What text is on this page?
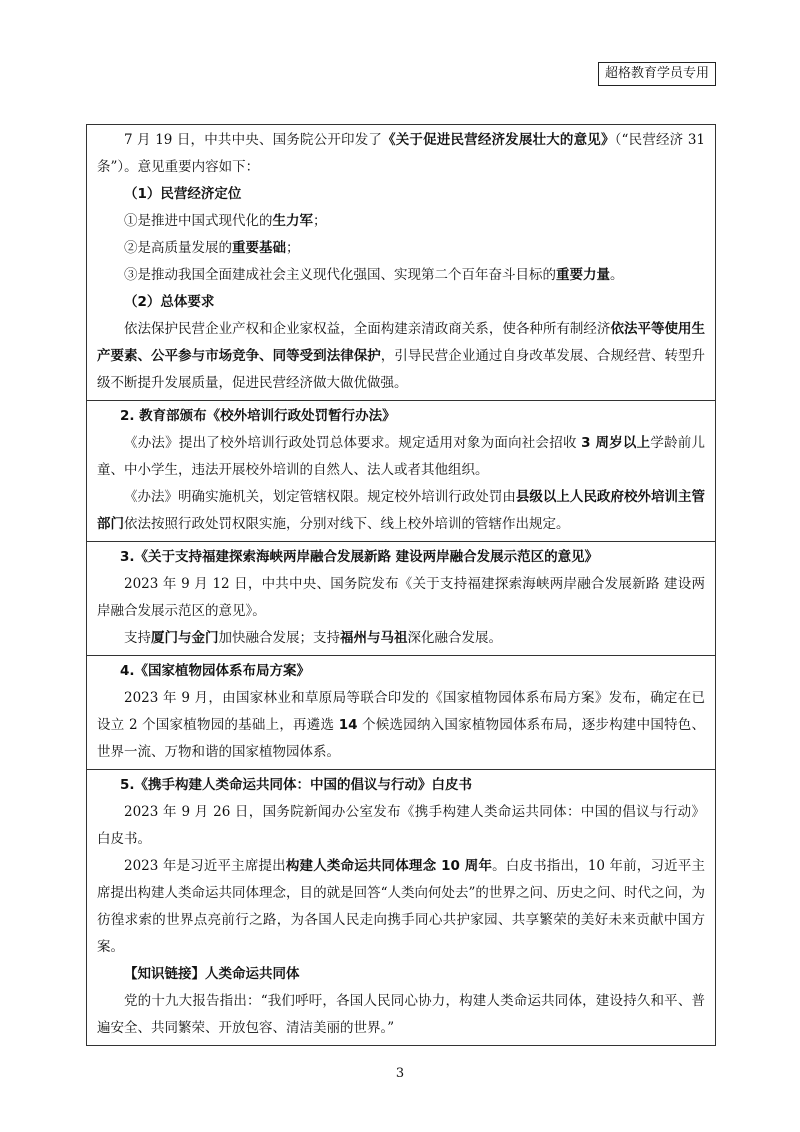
超格教育学员专用

7 月 19 日，中共中央、国务院公开印发了《关于促进民营经济发展壮大的意见》（“民营经济 31 条”）。意见重要内容如下：

（1）民营经济定位

①是推进中国式现代化的生力军；

②是高质量发展的重要基础；

③是推动我国全面建成社会主义现代化强国、实现第二个百年奋斗目标的重要力量。

（2）总体要求

依法保护民营企业产权和企业家权益，全面构建亲清政商关系，使各种所有制经济依法平等使用生产要素、公平参与市场竞争、同等受到法律保护，引导民营企业通过自身改革发展、合规经营、转型升级不断提升发展质量，促进民营经济做大做优做强。

2. 教育部颁布《校外培训行政处罚暂行办法》

《办法》提出了校外培训行政处罚总体要求。规定适用对象为面向社会招收 3 周岁以上学龄前儿童、中小学生，违法开展校外培训的自然人、法人或者其他组织。

《办法》明确实施机关，划定管辖权限。规定校外培训行政处罚由县级以上人民政府校外培训主管部门依法按照行政处罚权限实施，分别对线下、线上校外培训的管辖作出规定。

3.《关于支持福建探索海峡两岸融合发展新路 建设两岸融合发展示范区的意见》

2023 年 9 月 12 日，中共中央、国务院发布《关于支持福建探索海峡两岸融合发展新路 建设两岸融合发展示范区的意见》。

支持厦门与金门加快融合发展；支持福州与马祖深化融合发展。

4.《国家植物园体系布局方案》

2023 年 9 月，由国家林业和草原局等联合印发的《国家植物园体系布局方案》发布，确定在已设立 2 个国家植物园的基础上，再遴选 14 个候选园纳入国家植物园体系布局，逐步构建中国特色、世界一流、万物和谐的国家植物园体系。

5.《携手构建人类命运共同体：中国的倡议与行动》白皮书

2023 年 9 月 26 日，国务院新闻办公室发布《携手构建人类命运共同体：中国的倡议与行动》白皮书。

2023 年是习近平主席提出构建人类命运共同体理念 10 周年。白皮书指出，10 年前，习近平主席提出构建人类命运共同体理念，目的就是回答“人类向何处去”的世界之问、历史之问、时代之问，为彷徨求索的世界点亮前行之路，为各国人民走向携手同心共护家园、共享繁荣的美好未来贡献中国方案。

【知识链接】人类命运共同体

党的十九大报告指出：“我们呼吁，各国人民同心协力，构建人类命运共同体，建设持久和平、普遍安全、共同繁荣、开放包容、清洁美丽的世界。”

3
